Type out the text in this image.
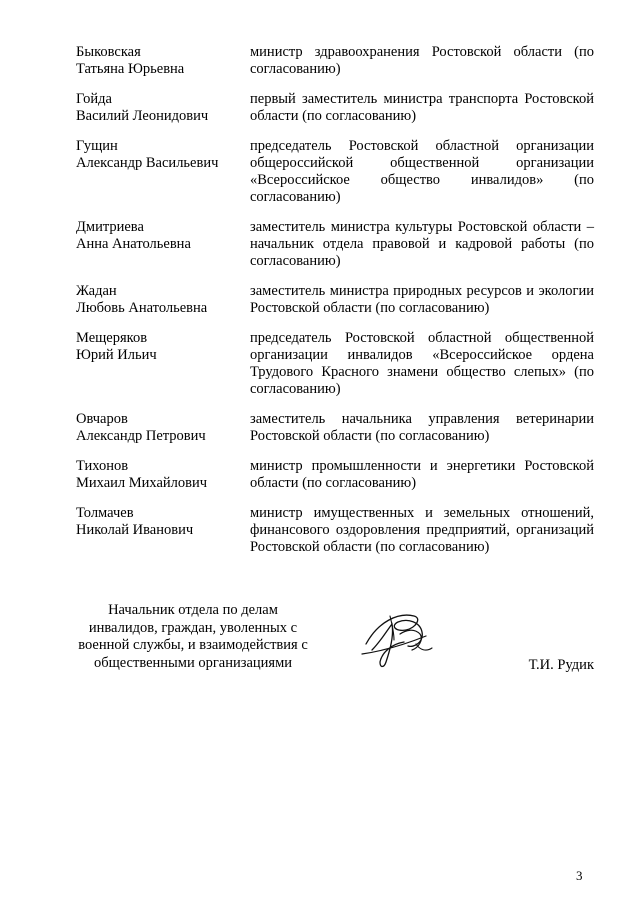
Быковская
Татьяна Юрьевна
министр здравоохранения Ростовской области (по согласованию)
Гойда
Василий Леонидович
первый заместитель министра транспорта Ростовской области (по согласованию)
Гущин
Александр Васильевич
председатель Ростовской областной организации общероссийской общественной организации «Всероссийское общество инвалидов» (по согласованию)
Дмитриева
Анна Анатольевна
заместитель министра культуры Ростовской области – начальник отдела правовой и кадровой работы (по согласованию)
Жадан
Любовь Анатольевна
заместитель министра природных ресурсов и экологии Ростовской области (по согласованию)
Мещеряков
Юрий Ильич
председатель Ростовской областной общественной организации инвалидов «Всероссийское ордена Трудового Красного знамени общество слепых» (по согласованию)
Овчаров
Александр Петрович
заместитель начальника управления ветеринарии Ростовской области (по согласованию)
Тихонов
Михаил Михайлович
министр промышленности и энергетики Ростовской области (по согласованию)
Толмачев
Николай Иванович
министр имущественных и земельных отношений, финансового оздоровления предприятий, организаций Ростовской области (по согласованию)
Начальник отдела по делам
инвалидов, граждан, уволенных с
военной службы, и взаимодействия с
общественными организациями	Т.И. Рудик
3
